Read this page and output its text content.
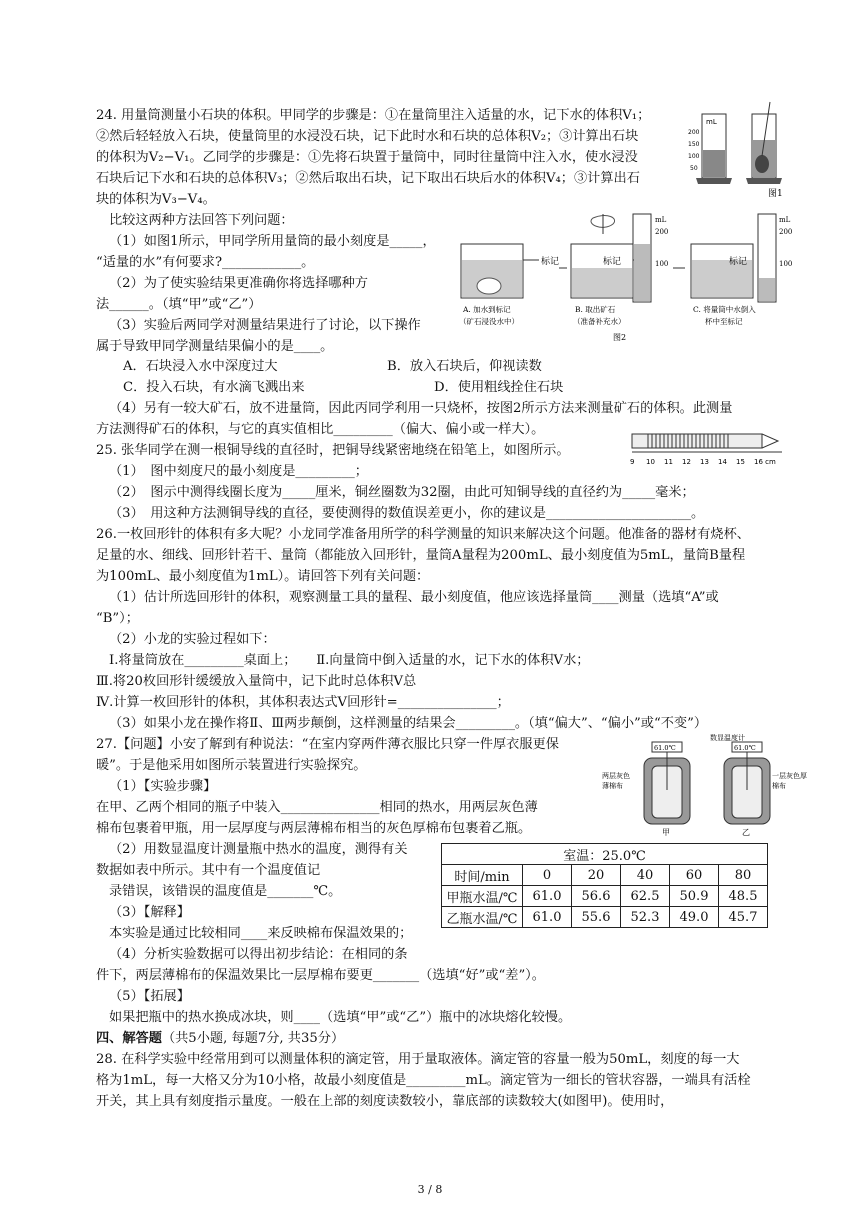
24. 用量筒测量小石块的体积。甲同学的步骤是：①在量筒里注入适量的水，记下水的体积V₁；
②然后轻轻放入石块，使量筒里的水浸没石块，记下此时水和石块的总体积V₂；③计算出石块
的体积为V₂−V₁。乙同学的步骤是：①先将石块置于量筒中，同时往量筒中注入水，使水浸没
石块后记下水和石块的总体积V₃；②然后取出石块，记下取出石块后水的体积V₄；③计算出石
块的体积为V₃−V₄。
比较这两种方法回答下列问题：
（1）如图1所示，甲同学所用量筒的最小刻度是_____，
“适量的水”有何要求?____________。
（2）为了使实验结果更准确你将选择哪种方
法______。（填“甲”或“乙”）
（3）实验后两同学对测量结果进行了讨论，以下操作
属于导致甲同学测量结果偏小的是____。
A．石块浸入水中深度过大	B．放入石块后，仰视读数
C．投入石块，有水滴飞溅出来	D．使用粗线拴住石块
（4）另有一较大矿石，放不进量筒，因此丙同学利用一只烧杯，按图2所示方法来测量矿石的体积。此测量
方法测得矿石的体积，与它的真实值相比_________（偏大、偏小或一样大）。
25. 张华同学在测一根铜导线的直径时，把铜导线紧密地绕在铅笔上，如图所示。
（1）　图中刻度尺的最小刻度是_________；
（2）　图示中测得线圈长度为_____厘米，铜丝圈数为32圈，由此可知铜导线的直径约为_____毫米；
（3）　用这种方法测铜导线的直径，要使测得的数值误差更小，你的建议是______________________。
26.一枚回形针的体积有多大呢？小龙同学准备用所学的科学测量的知识来解决这个问题。他准备的器材有烧杯、
足量的水、细线、回形针若干、量筒（都能放入回形针，量筒A量程为200mL、最小刻度值为5mL，量筒B量程
为100mL、最小刻度值为1mL）。请回答下列有关问题：
（1）估计所选回形针的体积，观察测量工具的量程、最小刻度值，他应该选择量筒____测量（选填“A”或
“B”）；
（2）小龙的实验过程如下：
Ⅰ.将量筒放在_________桌面上；　　Ⅱ.向量筒中倒入适量的水，记下水的体积V水；
Ⅲ.将20枚回形针缓缓放入量筒中，记下此时总体积V总
Ⅳ.计算一枚回形针的体积，其体积表达式V回形针=_______________；
（3）如果小龙在操作将Ⅱ、Ⅲ两步颠倒，这样测量的结果会_________。（填“偏大”、“偏小”或“不变”）
27.【问题】小安了解到有种说法：“在室内穿两件薄衣服比只穿一件厚衣服更保
暖”。于是他采用如图所示装置进行实验探究。
（1）【实验步骤】
在甲、乙两个相同的瓶子中装入_______________相同的热水，用两层灰色薄
棉布包裹着甲瓶，用一层厚度与两层薄棉布相当的灰色厚棉布包裹着乙瓶。
（2）用数显温度计测量瓶中热水的温度，测得有关
数据如表中所示。其中有一个温度值记
录错误，该错误的温度值是_______℃。
（3）【解释】
本实验是通过比较相同____来反映棉布保温效果的；
（4）分析实验数据可以得出初步结论：在相同的条
件下，两层薄棉布的保温效果比一层厚棉布要更_______（选填“好”或“差”）。
（5）【拓展】
如果把瓶中的热水换成冰块，则____（选填“甲”或“乙”）瓶中的冰块熔化较慢。
28. 在科学实验中经常用到可以测量体积的滴定管，用于量取液体。滴定管的容量一般为50mL，刻度的每一大
格为1mL，每一大格又分为10小格，故最小刻度值是_________mL。滴定管为一细长的管状容器，一端具有活栓
开关，其上具有刻度指示量度。一般在上部的刻度读数较小，靠底部的读数较大(如图甲)。使用时，
四、解答题（共5小题, 每题7分, 共35分）
mL
200
150
100
50
图1
标记
A. 加水到标记
（矿石浸没水中）
标记
B. 取出矿石
（准备补充水）
mL
200
100	标记
mL
200
100
C. 将量筒中水倒入
杯中至标记
图2
9 10 11 12 13 14 15 16 cm
数显温度计
61.0℃	61.0℃
两层灰色
薄棉布
一层灰色厚
棉布
甲	乙
室温：25.0℃					
时间/min	0	20	40	60	80
甲瓶水温/℃	61.0	56.6	62.5	50.9	48.5
乙瓶水温/℃	61.0	55.6	52.3	49.0	45.7
3 / 8
